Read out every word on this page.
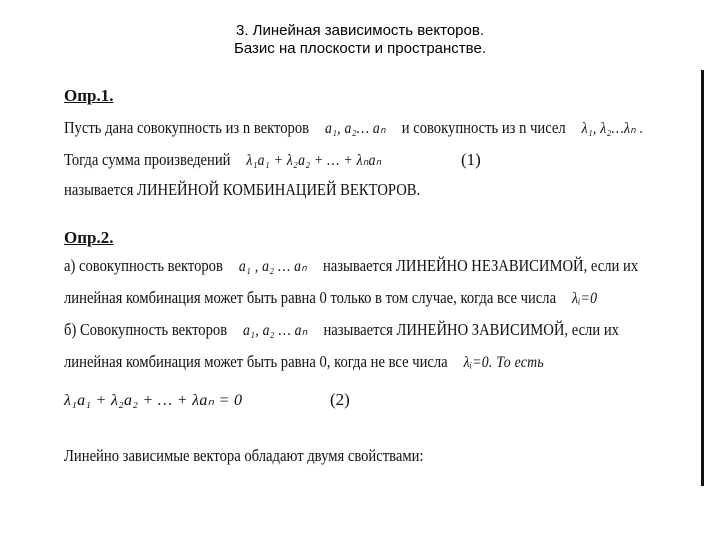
3. Линейная зависимость векторов.
Базис на плоскости и пространстве.
Опр.1.
Пусть дана совокупность из n векторов a₁, a₂… aₙ и совокупность из n чисел λ₁, λ₂…λₙ .
Тогда сумма произведений λ₁a₁ + λ₂a₂ + … + λₙaₙ	(1)
называется ЛИНЕЙНОЙ КОМБИНАЦИЕЙ ВЕКТОРОВ.
Опр.2.
а) совокупность векторов a₁ , a₂ … aₙ называется ЛИНЕЙНО НЕЗАВИСИМОЙ, если их
линейная комбинация может быть равна 0 только в том случае, когда все числа λᵢ=0
б) Совокупность векторов a₁, a₂ … aₙ называется ЛИНЕЙНО ЗАВИСИМОЙ, если их
линейная комбинация может быть равна 0, когда не все числа λᵢ=0. То есть
λ₁a₁ + λ₂a₂ + … + λaₙ = 0	(2)
Линейно зависимые вектора обладают двумя свойствами:
